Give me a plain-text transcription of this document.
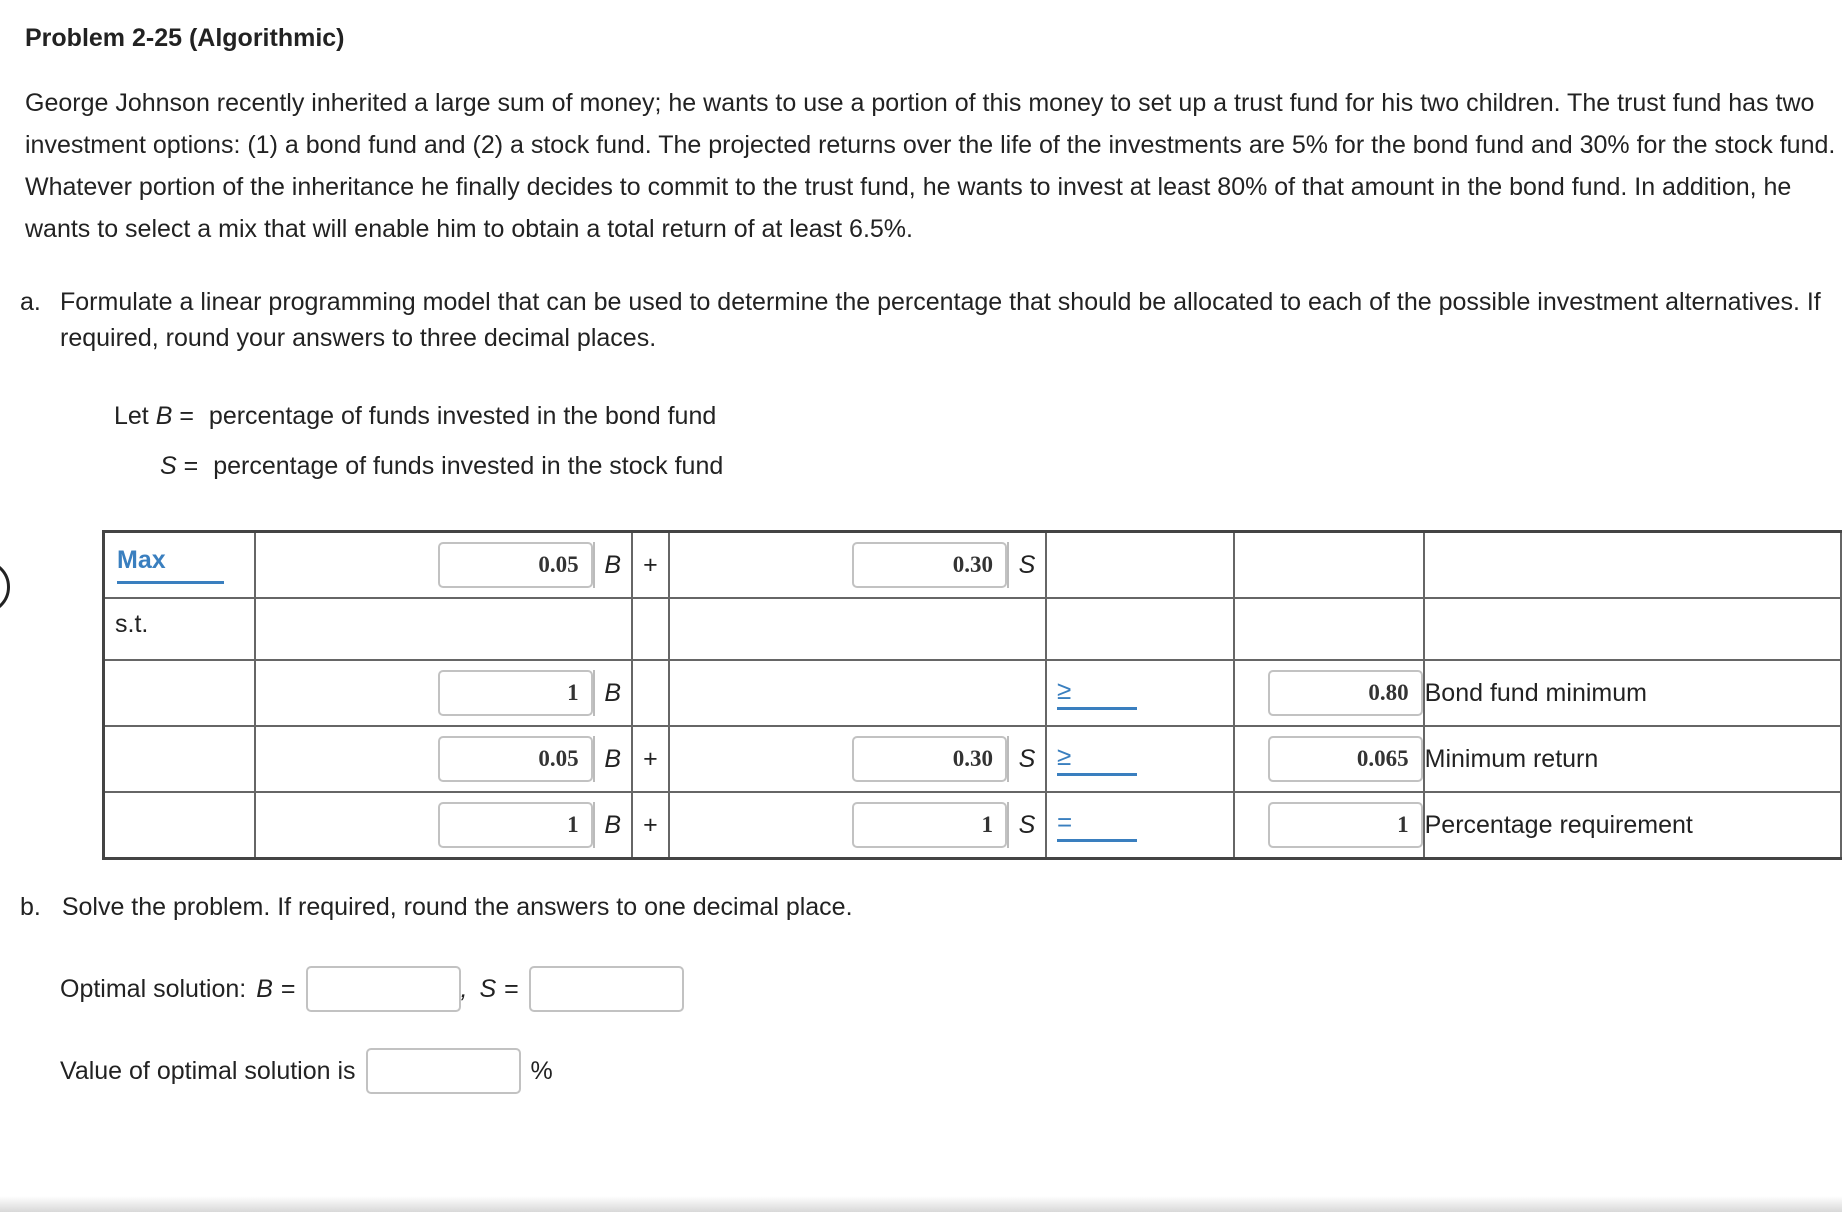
Problem 2-25 (Algorithmic)
George Johnson recently inherited a large sum of money; he wants to use a portion of this money to set up a trust fund for his two children. The trust fund has two investment options: (1) a bond fund and (2) a stock fund. The projected returns over the life of the investments are 5% for the bond fund and 30% for the stock fund. Whatever portion of the inheritance he finally decides to commit to the trust fund, he wants to invest at least 80% of that amount in the bond fund. In addition, he wants to select a mix that will enable him to obtain a total return of at least 6.5%.
a. Formulate a linear programming model that can be used to determine the percentage that should be allocated to each of the possible investment alternatives. If required, round your answers to three decimal places.
Let B = percentage of funds invested in the bond fund
S = percentage of funds invested in the stock fund
Max	0.05 B	+	0.30 S			

s.t.						

	1 B			≥	0.80	Bond fund minimum

	0.05 B	+	0.30 S	≥	0.065	Minimum return

	1 B	+	1 S	=	1	Percentage requirement
b. Solve the problem. If required, round the answers to one decimal place.
Optimal solution: B =	, S =
Value of optimal solution is	%
